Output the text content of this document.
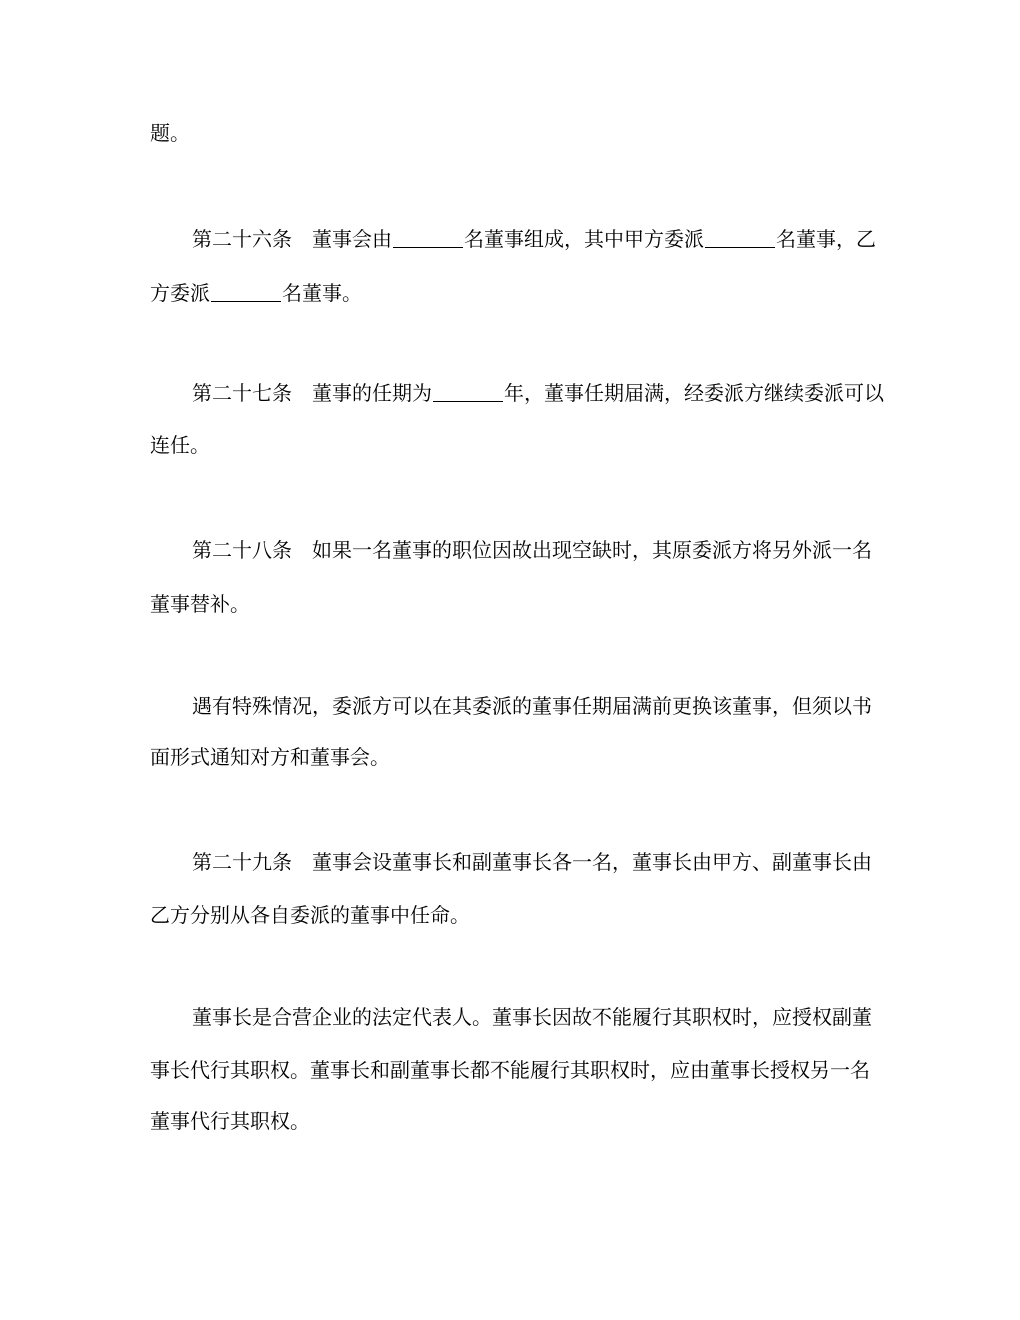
题。
第二十六条 董事会由	名董事组成，其中甲方委派	名董事，乙
方委派	名董事。
第二十七条 董事的任期为	年，董事任期届满，经委派方继续委派可以
连任。
第二十八条 如果一名董事的职位因故出现空缺时，其原委派方将另外派一名
董事替补。
遇有特殊情况，委派方可以在其委派的董事任期届满前更换该董事，但须以书
面形式通知对方和董事会。
第二十九条 董事会设董事长和副董事长各一名，董事长由甲方、副董事长由
乙方分别从各自委派的董事中任命。
董事长是合营企业的法定代表人。董事长因故不能履行其职权时，应授权副董
事长代行其职权。董事长和副董事长都不能履行其职权时，应由董事长授权另一名
董事代行其职权。
